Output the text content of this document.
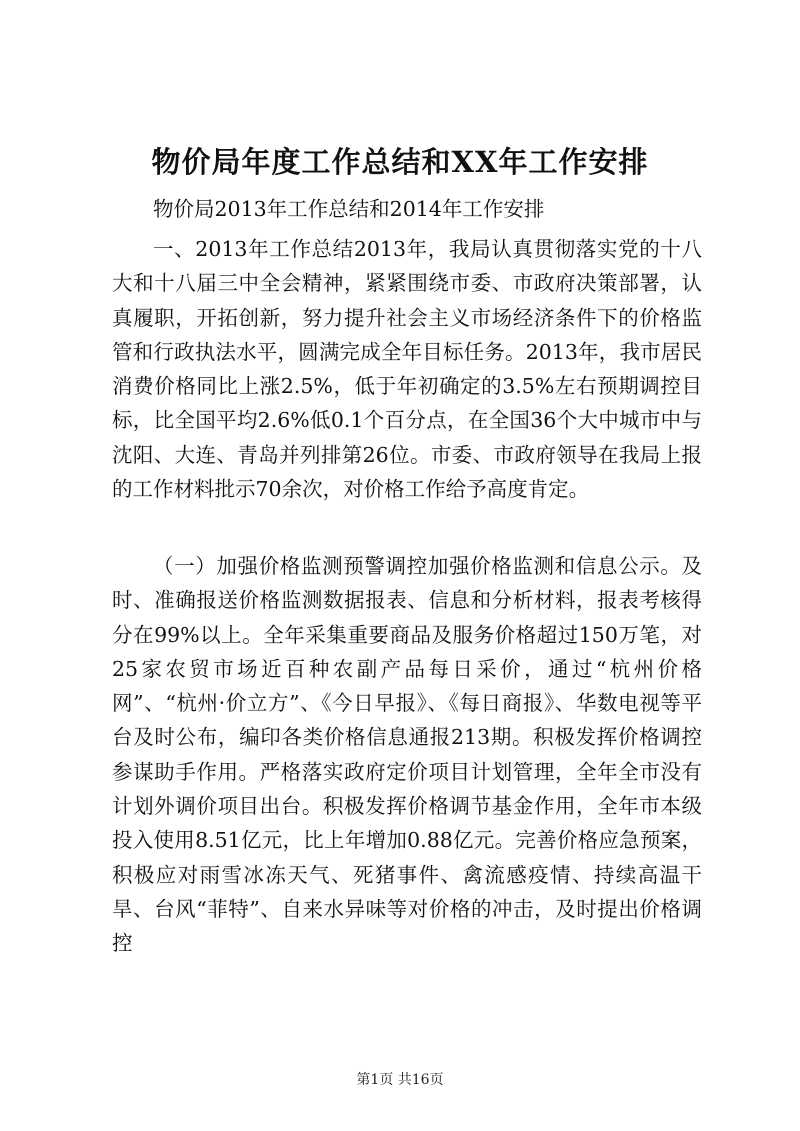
物价局年度工作总结和XX年工作安排

物价局2013年工作总结和2014年工作安排

一、2013年工作总结2013年，我局认真贯彻落实党的十八大和十八届三中全会精神，紧紧围绕市委、市政府决策部署，认真履职，开拓创新，努力提升社会主义市场经济条件下的价格监管和行政执法水平，圆满完成全年目标任务。2013年，我市居民消费价格同比上涨2.5%，低于年初确定的3.5%左右预期调控目标，比全国平均2.6%低0.1个百分点，在全国36个大中城市中与沈阳、大连、青岛并列排第26位。市委、市政府领导在我局上报的工作材料批示70余次，对价格工作给予高度肯定。

（一）加强价格监测预警调控加强价格监测和信息公示。及时、准确报送价格监测数据报表、信息和分析材料，报表考核得分在99%以上。全年采集重要商品及服务价格超过150万笔，对25家农贸市场近百种农副产品每日采价，通过“杭州价格网”、“杭州·价立方”、《今日早报》、《每日商报》、华数电视等平台及时公布，编印各类价格信息通报213期。积极发挥价格调控参谋助手作用。严格落实政府定价项目计划管理，全年全市没有计划外调价项目出台。积极发挥价格调节基金作用，全年市本级投入使用8.51亿元，比上年增加0.88亿元。完善价格应急预案，积极应对雨雪冰冻天气、死猪事件、禽流感疫情、持续高温干旱、台风“菲特”、自来水异味等对价格的冲击，及时提出价格调控

第1页 共16页
